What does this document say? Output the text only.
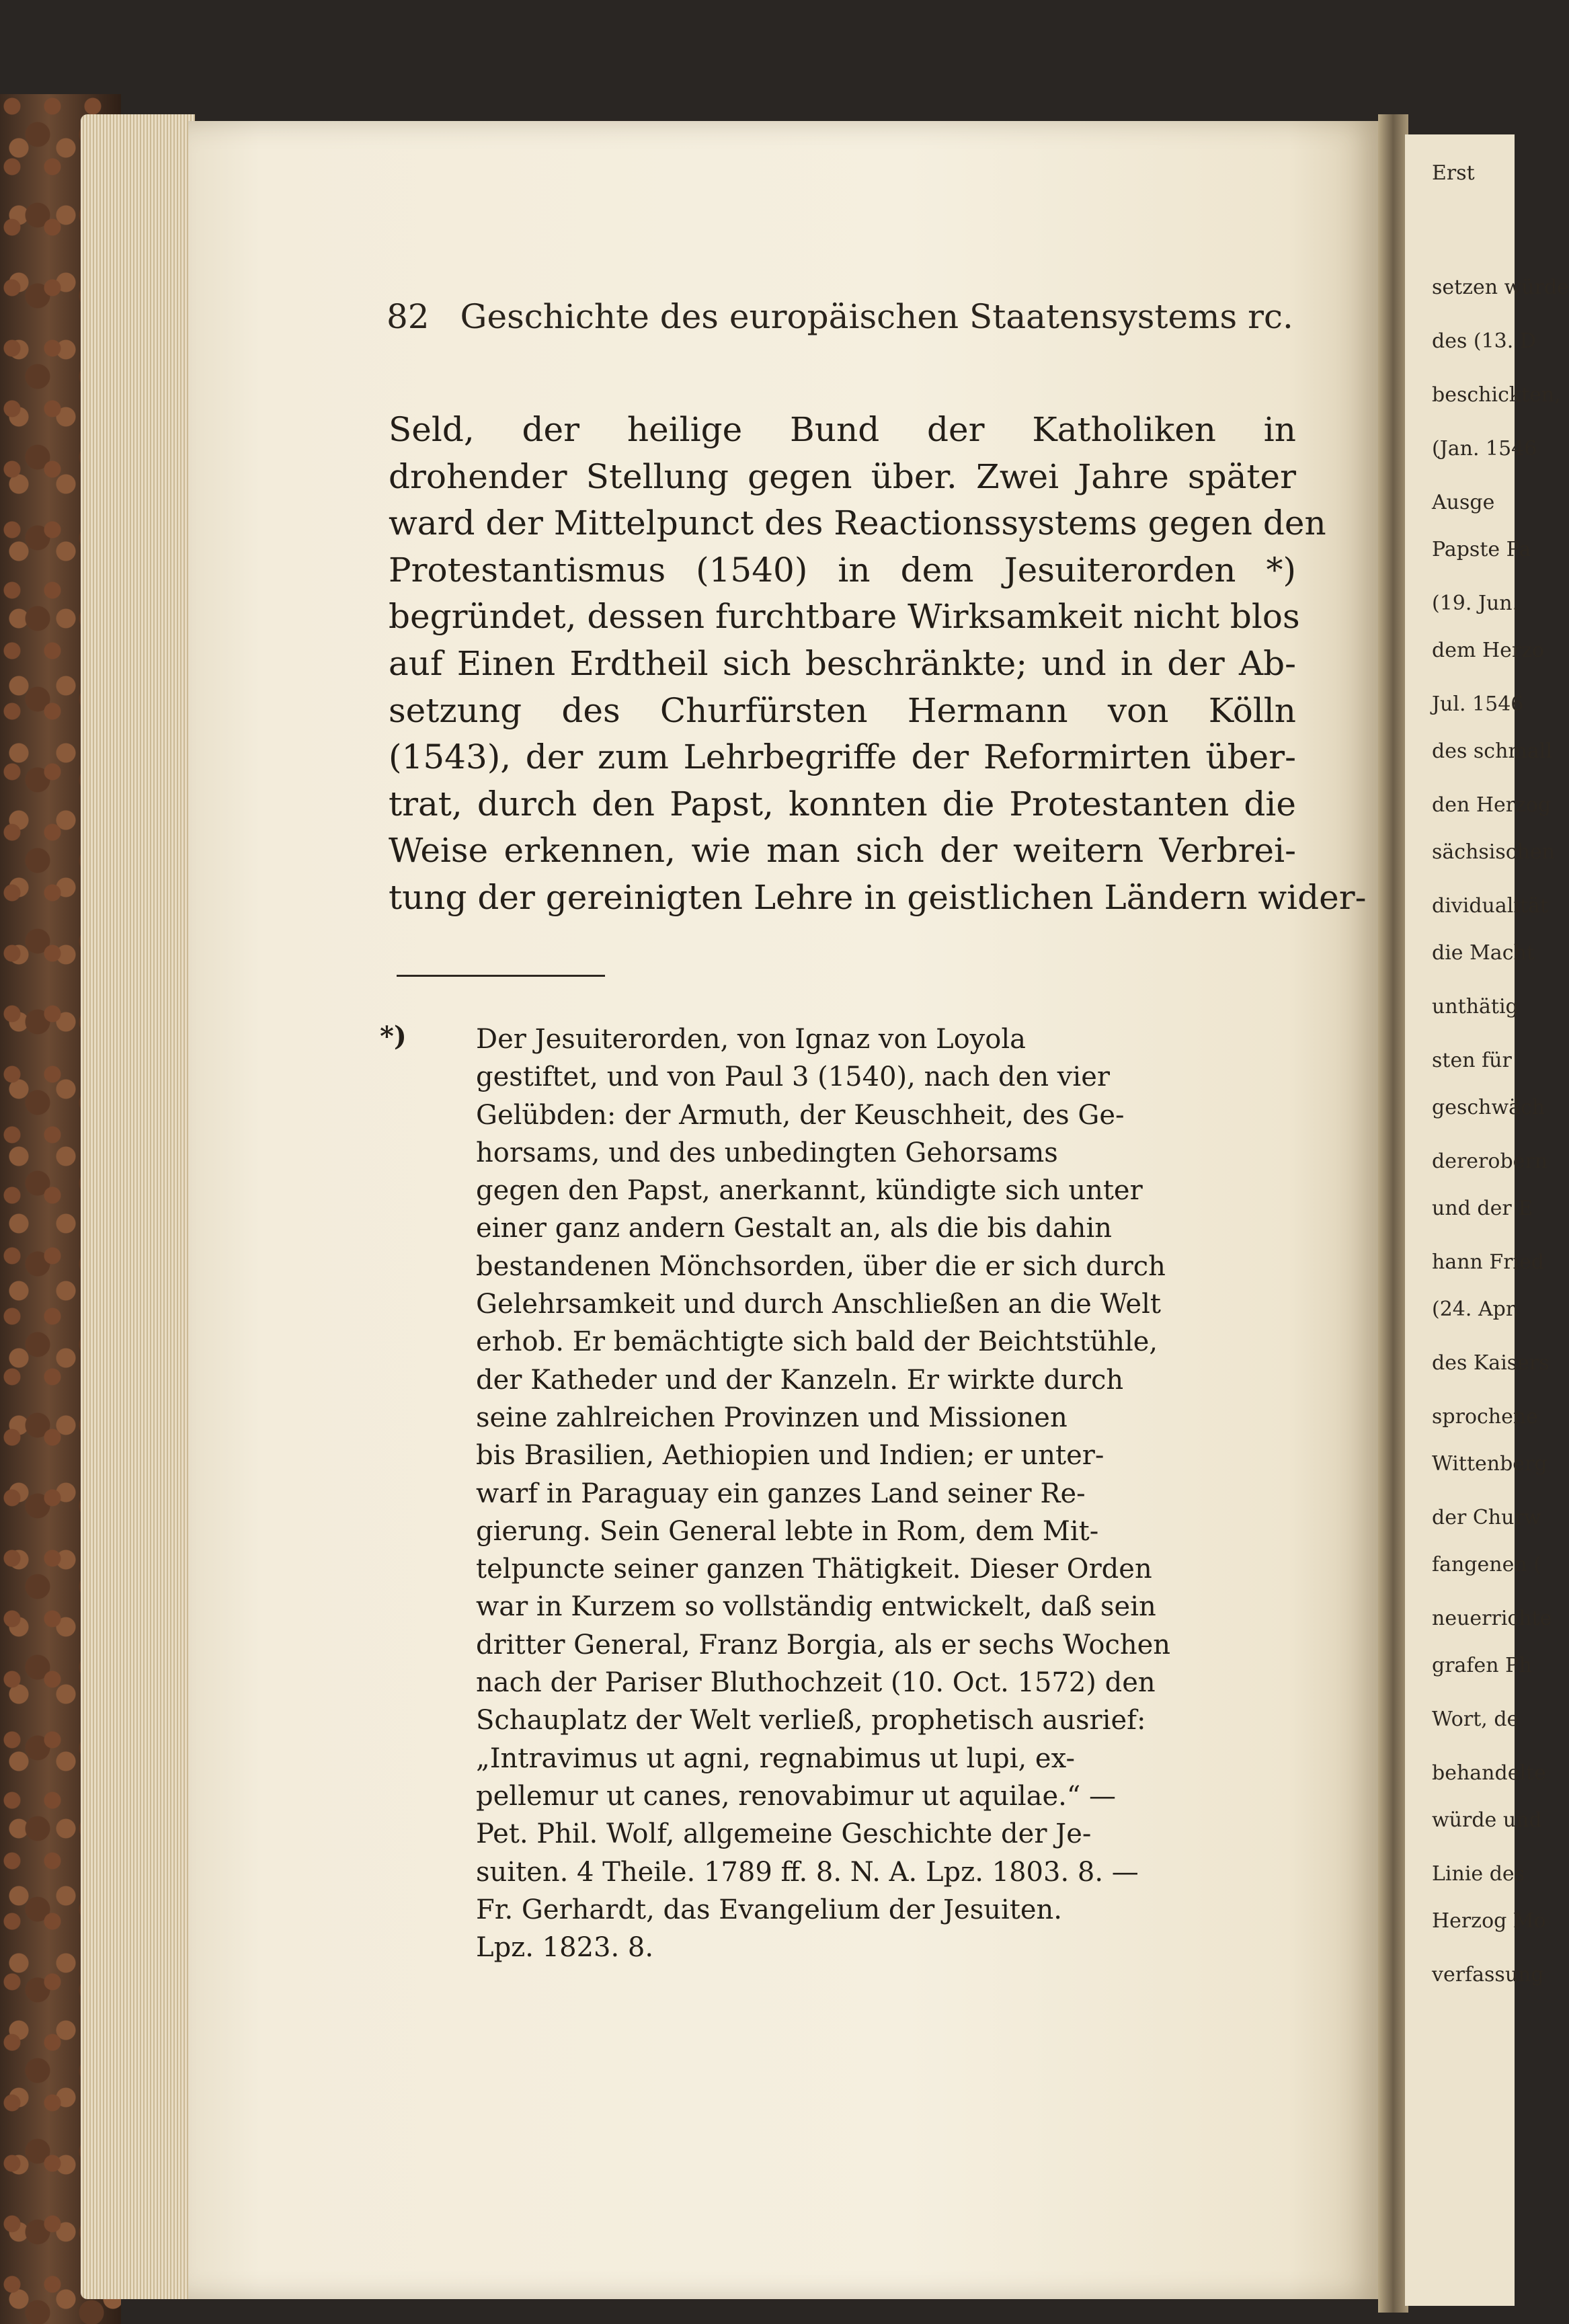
Erst
setzen würde
des (13. D
beschickten,
(Jan. 1546
Ausge
Papste Pa
(19. Jun.
dem Herzo
Jul. 1546
des schmall
den Herzog
sächsischen
dividualität
die Macht
unthätig
sten für
geschwäch
dererobern
und der E
hann Fried
(24. Apr.
des Kaisers
sprochene
Wittenberg
der Churw
fangenen (
neuerrichte
grafen Ph
Wort, de
behandelte
würde und
Linie des
Herzog Mo
verfassung
82 Geschichte des europäischen Staatensystems rc.
Seld, der heilige Bund der Katholiken in
drohender Stellung gegen über. Zwei Jahre später
ward der Mittelpunct des Reactionssystems gegen den
Protestantismus (1540) in dem Jesuiterorden *)
begründet, dessen furchtbare Wirksamkeit nicht blos
auf Einen Erdtheil sich beschränkte; und in der Ab-
setzung des Churfürsten Hermann von Kölln
(1543), der zum Lehrbegriffe der Reformirten über-
trat, durch den Papst, konnten die Protestanten die
Weise erkennen, wie man sich der weitern Verbrei-
tung der gereinigten Lehre in geistlichen Ländern wider-
*)	Der Jesuiterorden, von Ignaz von Loyola
gestiftet, und von Paul 3 (1540), nach den vier
Gelübden: der Armuth, der Keuschheit, des Ge-
horsams, und des unbedingten Gehorsams
gegen den Papst, anerkannt, kündigte sich unter
einer ganz andern Gestalt an, als die bis dahin
bestandenen Mönchsorden, über die er sich durch
Gelehrsamkeit und durch Anschließen an die Welt
erhob. Er bemächtigte sich bald der Beichtstühle,
der Katheder und der Kanzeln. Er wirkte durch
seine zahlreichen Provinzen und Missionen
bis Brasilien, Aethiopien und Indien; er unter-
warf in Paraguay ein ganzes Land seiner Re-
gierung. Sein General lebte in Rom, dem Mit-
telpuncte seiner ganzen Thätigkeit. Dieser Orden
war in Kurzem so vollständig entwickelt, daß sein
dritter General, Franz Borgia, als er sechs Wochen
nach der Pariser Bluthochzeit (10. Oct. 1572) den
Schauplatz der Welt verließ, prophetisch ausrief:
„Intravimus ut agni, regnabimus ut lupi, ex-
pellemur ut canes, renovabimur ut aquilae.“ —
Pet. Phil. Wolf, allgemeine Geschichte der Je-
suiten. 4 Theile. 1789 ff. 8. N. A. Lpz. 1803. 8. —
Fr. Gerhardt, das Evangelium der Jesuiten.
Lpz. 1823. 8.
